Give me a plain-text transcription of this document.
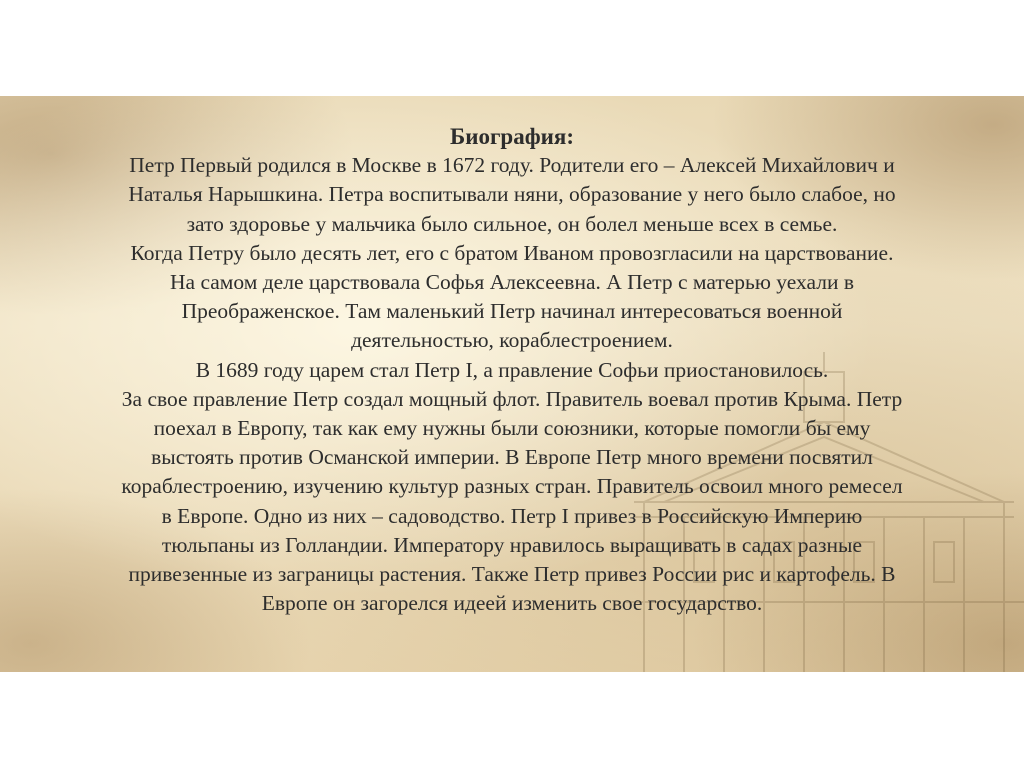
Биография:
Петр Первый родился в Москве в 1672 году. Родители его – Алексей Михайлович и
Наталья Нарышкина. Петра воспитывали няни, образование у него было слабое, но
зато здоровье у мальчика было сильное, он болел меньше всех в семье.
Когда Петру было десять лет, его с братом Иваном провозгласили на царствование.
На самом деле царствовала Софья Алексеевна. А Петр с матерью уехали в
Преображенское. Там маленький Петр начинал интересоваться военной
деятельностью, кораблестроением.
В 1689 году царем стал Петр I, а правление Софьи приостановилось.
За свое правление Петр создал мощный флот. Правитель воевал против Крыма. Петр
поехал в Европу, так как ему нужны были союзники, которые помогли бы ему
выстоять против Османской империи. В Европе Петр много времени посвятил
кораблестроению, изучению культур разных стран. Правитель освоил много ремесел
в Европе. Одно из них – садоводство. Петр I привез в Российскую Империю
тюльпаны из Голландии. Императору нравилось выращивать в садах разные
привезенные из заграницы растения. Также Петр привез России рис и картофель. В
Европе он загорелся идеей изменить свое государство.
